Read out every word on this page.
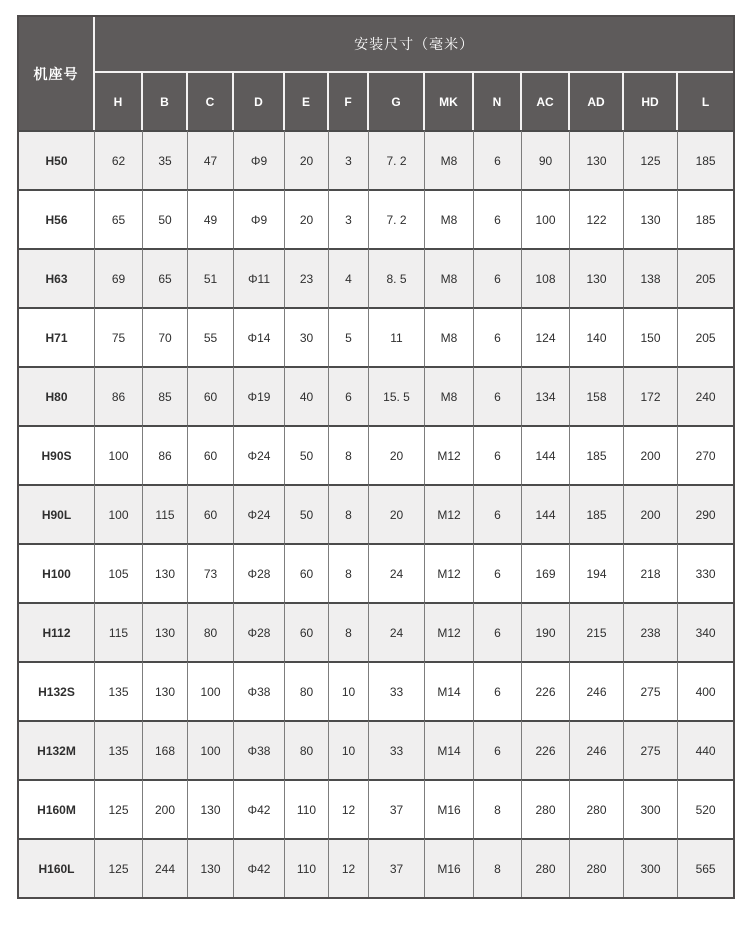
机座号	安装尺寸（毫米）												
	H	B	C	D	E	F	G	MK	N	AC	AD	HD	L
H50	62	35	47	Φ9	20	3	7. 2	M8	6	90	130	125	185
H56	65	50	49	Φ9	20	3	7. 2	M8	6	100	122	130	185
H63	69	65	51	Φ11	23	4	8. 5	M8	6	108	130	138	205
H71	75	70	55	Φ14	30	5	11	M8	6	124	140	150	205
H80	86	85	60	Φ19	40	6	15. 5	M8	6	134	158	172	240
H90S	100	86	60	Φ24	50	8	20	M12	6	144	185	200	270
H90L	100	115	60	Φ24	50	8	20	M12	6	144	185	200	290
H100	105	130	73	Φ28	60	8	24	M12	6	169	194	218	330
H112	115	130	80	Φ28	60	8	24	M12	6	190	215	238	340
H132S	135	130	100	Φ38	80	10	33	M14	6	226	246	275	400
H132M	135	168	100	Φ38	80	10	33	M14	6	226	246	275	440
H160M	125	200	130	Φ42	110	12	37	M16	8	280	280	300	520
H160L	125	244	130	Φ42	110	12	37	M16	8	280	280	300	565
